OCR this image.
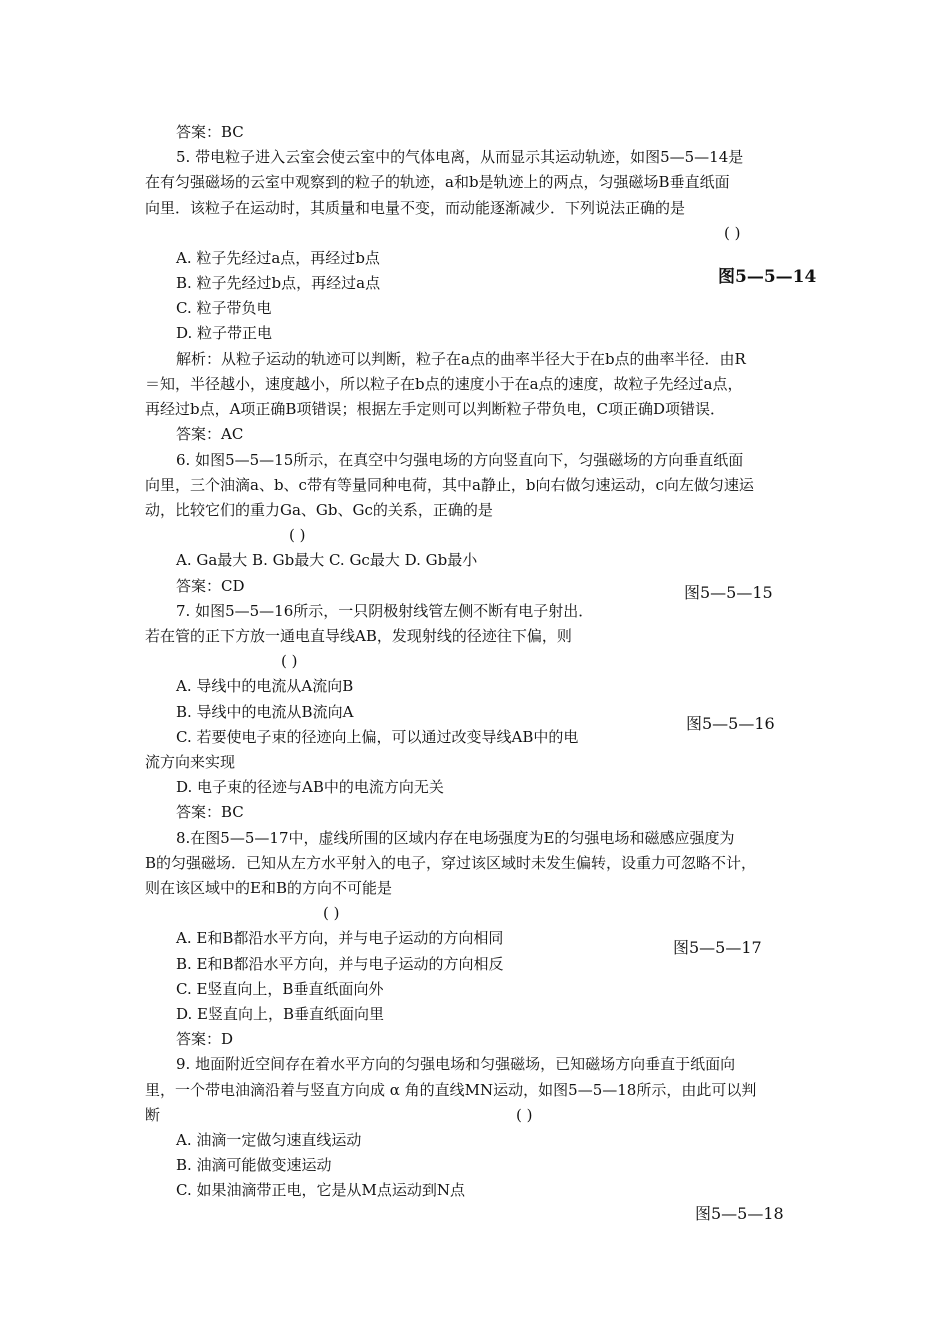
答案：BC
5. 带电粒子进入云室会使云室中的气体电离，从而显示其运动轨迹，如图5—5—14是
在有匀强磁场的云室中观察到的粒子的轨迹，a和b是轨迹上的两点，匀强磁场B垂直纸面
向里．该粒子在运动时，其质量和电量不变，而动能逐渐减少．下列说法正确的是
( )
A. 粒子先经过a点，再经过b点
B. 粒子先经过b点，再经过a点
C. 粒子带负电
D. 粒子带正电
解析：从粒子运动的轨迹可以判断，粒子在a点的曲率半径大于在b点的曲率半径．由R
＝知，半径越小，速度越小，所以粒子在b点的速度小于在a点的速度，故粒子先经过a点，
再经过b点，A项正确B项错误；根据左手定则可以判断粒子带负电，C项正确D项错误．
答案：AC
6. 如图5—5—15所示，在真空中匀强电场的方向竖直向下，匀强磁场的方向垂直纸面
向里，三个油滴a、b、c带有等量同种电荷，其中a静止，b向右做匀速运动，c向左做匀速运
动，比较它们的重力Ga、Gb、Gc的关系，正确的是
( )
A. Ga最大 B. Gb最大 C. Gc最大 D. Gb最小
答案：CD
7. 如图5—5—16所示，一只阴极射线管左侧不断有电子射出．
若在管的正下方放一通电直导线AB，发现射线的径迹往下偏，则
( )
A. 导线中的电流从A流向B
B. 导线中的电流从B流向A
C. 若要使电子束的径迹向上偏，可以通过改变导线AB中的电
流方向来实现
D. 电子束的径迹与AB中的电流方向无关
答案：BC
8.在图5—5—17中，虚线所围的区域内存在电场强度为E的匀强电场和磁感应强度为
B的匀强磁场．已知从左方水平射入的电子，穿过该区域时未发生偏转，设重力可忽略不计，
则在该区域中的E和B的方向不可能是
( )
A. E和B都沿水平方向，并与电子运动的方向相同
B. E和B都沿水平方向，并与电子运动的方向相反
C. E竖直向上，B垂直纸面向外
D. E竖直向上，B垂直纸面向里
答案：D
9. 地面附近空间存在着水平方向的匀强电场和匀强磁场，已知磁场方向垂直于纸面向
里，一个带电油滴沿着与竖直方向成 α 角的直线MN运动，如图5—5—18所示，由此可以判
断	( )
A. 油滴一定做匀速直线运动
B. 油滴可能做变速运动
C. 如果油滴带正电，它是从M点运动到N点
图5—5—14
图5—5—15
图5—5—16
图5—5—17
图5—5—18
